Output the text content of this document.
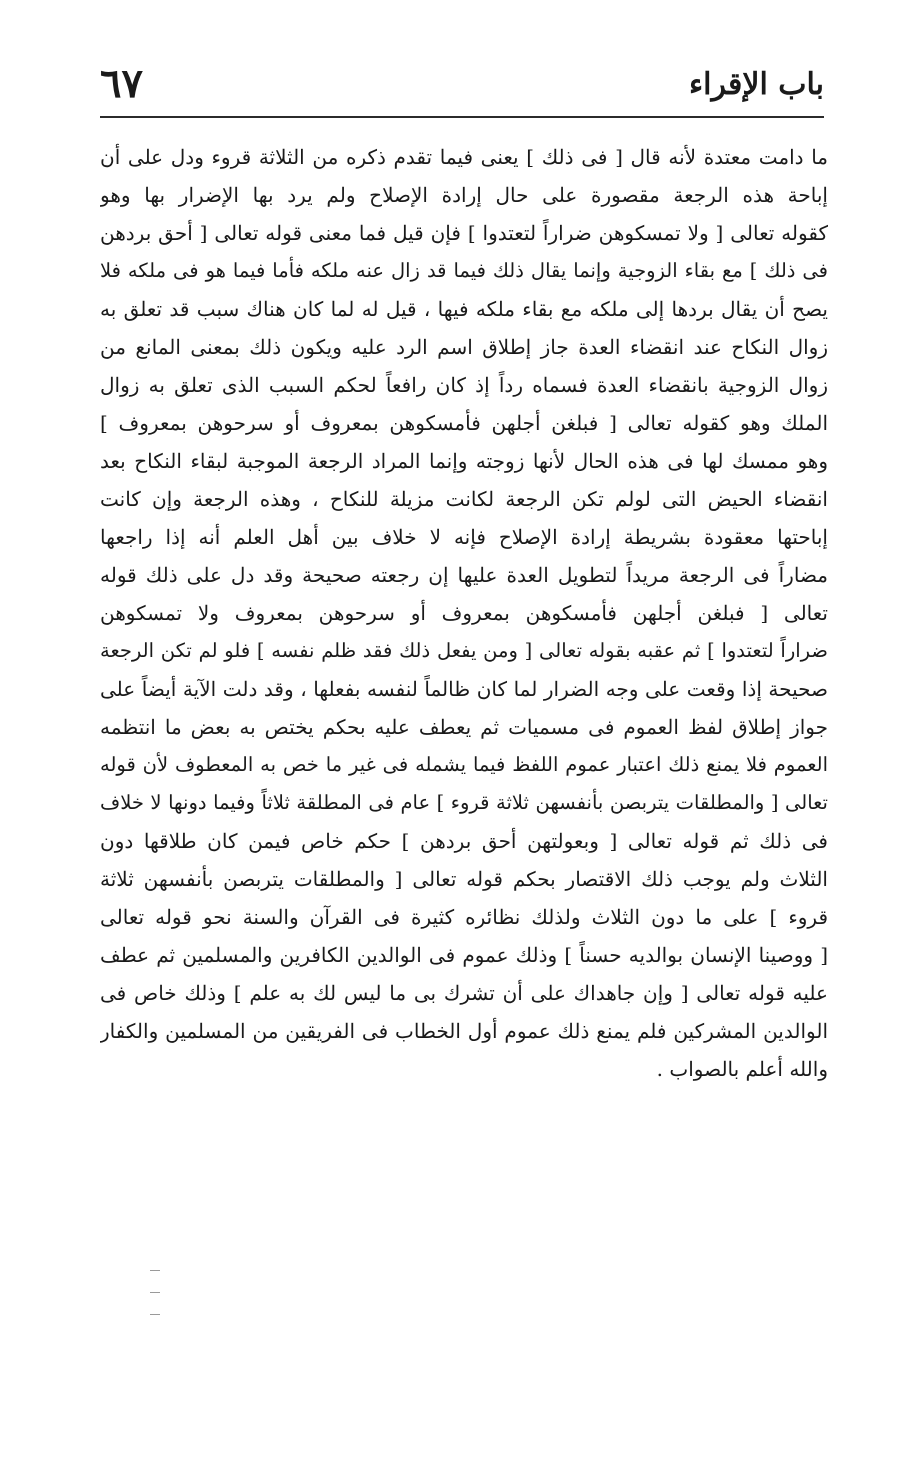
باب الإقراء
٦٧
ما دامت معتدة لأنه قال [ فى ذلك ] يعنى فيما تقدم ذكره من الثلاثة قروء ودل على أن
إباحة هذه الرجعة مقصورة على حال إرادة الإصلاح ولم يرد بها الإضرار بها وهو
كقوله تعالى [ ولا تمسكوهن ضراراً لتعتدوا ] فإن قيل فما معنى قوله تعالى [ أحق بردهن
فى ذلك ] مع بقاء الزوجية وإنما يقال ذلك فيما قد زال عنه ملكه فأما فيما هو فى ملكه فلا
يصح أن يقال بردها إلى ملكه مع بقاء ملكه فيها ، قيل له لما كان هناك سبب قد تعلق به
زوال النكاح عند انقضاء العدة جاز إطلاق اسم الرد عليه ويكون ذلك بمعنى المانع من
زوال الزوجية بانقضاء العدة فسماه رداً إذ كان رافعاً لحكم السبب الذى تعلق به زوال
الملك وهو كقوله تعالى [ فبلغن أجلهن فأمسكوهن بمعروف أو سرحوهن بمعروف ]
وهو ممسك لها فى هذه الحال لأنها زوجته وإنما المراد الرجعة الموجبة لبقاء النكاح بعد
انقضاء الحيض التى لولم تكن الرجعة لكانت مزيلة للنكاح ، وهذه الرجعة وإن كانت
إباحتها معقودة بشريطة إرادة الإصلاح فإنه لا خلاف بين أهل العلم أنه إذا راجعها
مضاراً فى الرجعة مريداً لتطويل العدة عليها إن رجعته صحيحة وقد دل على ذلك قوله
تعالى [ فبلغن أجلهن فأمسكوهن بمعروف أو سرحوهن بمعروف ولا تمسكوهن
ضراراً لتعتدوا ] ثم عقبه بقوله تعالى [ ومن يفعل ذلك فقد ظلم نفسه ] فلو لم تكن الرجعة
صحيحة إذا وقعت على وجه الضرار لما كان ظالماً لنفسه بفعلها ، وقد دلت الآية أيضاً على
جواز إطلاق لفظ العموم فى مسميات ثم يعطف عليه بحكم يختص به بعض ما انتظمه
العموم فلا يمنع ذلك اعتبار عموم اللفظ فيما يشمله فى غير ما خص به المعطوف لأن قوله
تعالى [ والمطلقات يتربصن بأنفسهن ثلاثة قروء ] عام فى المطلقة ثلاثاً وفيما دونها لا خلاف
فى ذلك ثم قوله تعالى [ وبعولتهن أحق بردهن ] حكم خاص فيمن كان طلاقها دون
الثلاث ولم يوجب ذلك الاقتصار بحكم قوله تعالى [ والمطلقات يتربصن بأنفسهن ثلاثة
قروء ] على ما دون الثلاث ولذلك نظائره كثيرة فى القرآن والسنة نحو قوله تعالى
[ ووصينا الإنسان بوالديه حسناً ] وذلك عموم فى الوالدين الكافرين والمسلمين ثم عطف
عليه قوله تعالى [ وإن جاهداك على أن تشرك بى ما ليس لك به علم ] وذلك خاص فى
الوالدين المشركين فلم يمنع ذلك عموم أول الخطاب فى الفريقين من المسلمين والكفار
والله أعلم بالصواب .
